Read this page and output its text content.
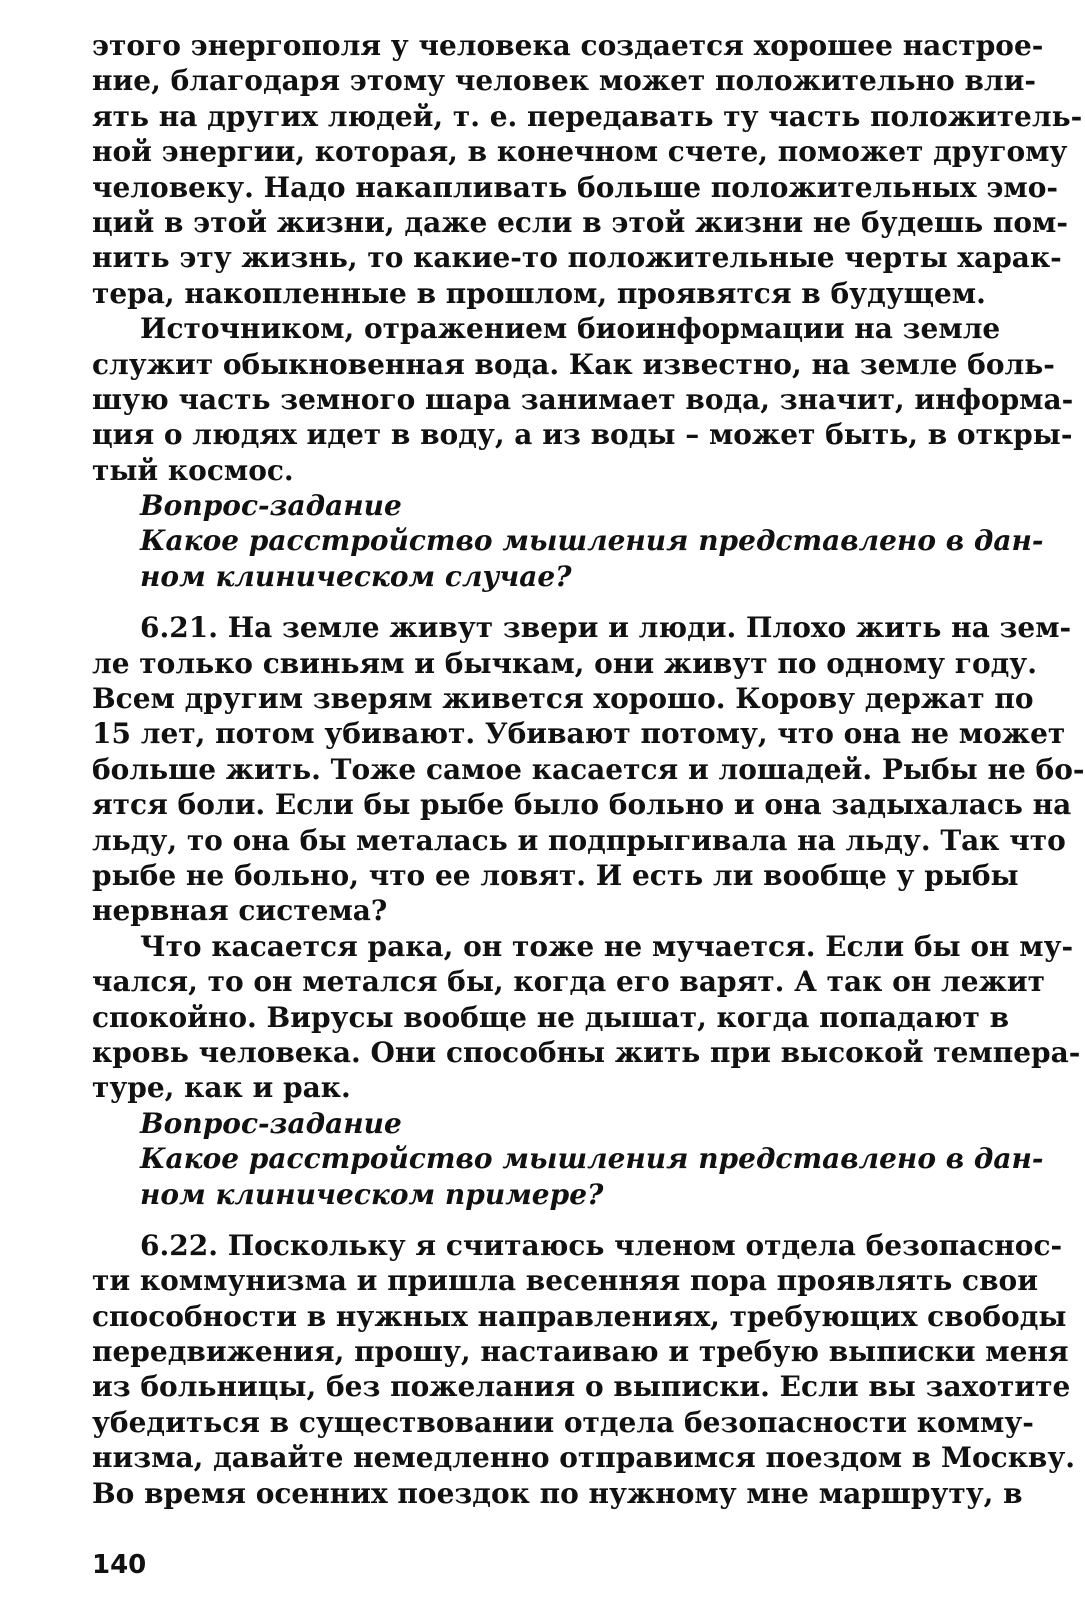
этого энергополя у человека создается хорошее настрое-
ние, благодаря этому человек может положительно вли-
ять на других людей, т. е. передавать ту часть положитель-
ной энергии, которая, в конечном счете, поможет другому
человеку. Надо накапливать больше положительных эмо-
ций в этой жизни, даже если в этой жизни не будешь пом-
нить эту жизнь, то какие-то положительные черты харак-
тера, накопленные в прошлом, проявятся в будущем.
Источником, отражением биоинформации на земле
служит обыкновенная вода. Как известно, на земле боль-
шую часть земного шара занимает вода, значит, информа-
ция о людях идет в воду, а из воды – может быть, в откры-
тый космос.
Вопрос-задание
Какое расстройство мышления представлено в дан-
ном клиническом случае?
6.21. На земле живут звери и люди. Плохо жить на зем-
ле только свиньям и бычкам, они живут по одному году.
Всем другим зверям живется хорошо. Корову держат по
15 лет, потом убивают. Убивают потому, что она не может
больше жить. Тоже самое касается и лошадей. Рыбы не бо-
ятся боли. Если бы рыбе было больно и она задыхалась на
льду, то она бы металась и подпрыгивала на льду. Так что
рыбе не больно, что ее ловят. И есть ли вообще у рыбы
нервная система?
Что касается рака, он тоже не мучается. Если бы он му-
чался, то он метался бы, когда его варят. А так он лежит
спокойно. Вирусы вообще не дышат, когда попадают в
кровь человека. Они способны жить при высокой темпера-
туре, как и рак.
Вопрос-задание
Какое расстройство мышления представлено в дан-
ном клиническом примере?
6.22. Поскольку я считаюсь членом отдела безопаснос-
ти коммунизма и пришла весенняя пора проявлять свои
способности в нужных направлениях, требующих свободы
передвижения, прошу, настаиваю и требую выписки меня
из больницы, без пожелания о выписки. Если вы захотите
убедиться в существовании отдела безопасности комму-
низма, давайте немедленно отправимся поездом в Москву.
Во время осенних поездок по нужному мне маршруту, в
140
